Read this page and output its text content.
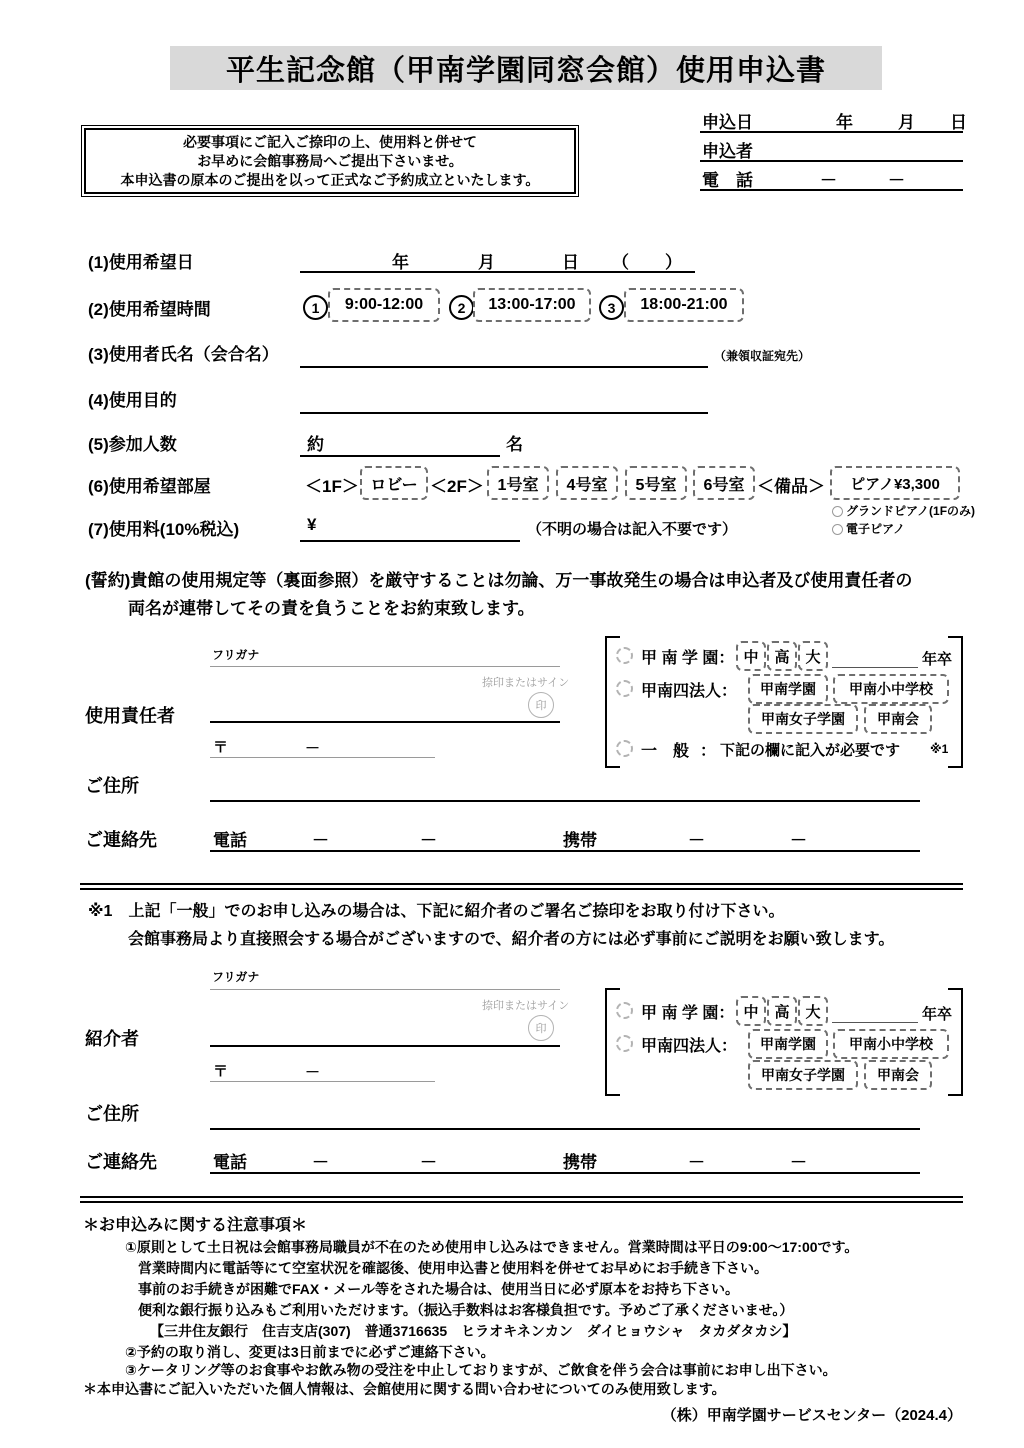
平生記念館（甲南学園同窓会館）使用申込書
申込日	年	月 日
申込者
電　話	－	－
必要事項にご記入ご捺印の上、使用料と併せて
お早めに会館事務局へご提出下さいませ。
本申込書の原本のご提出を以って正式なご予約成立といたします。
(1)使用希望日	年	月	日 （ ）
(2)使用希望時間	1	9:00-12:00	2	13:00-17:00	3	18:00-21:00
(3)使用者氏名（会合名）	（兼領収証宛先）
(4)使用目的
(5)参加人数	約	名
(6)使用希望部屋	＜1F＞ ロビー ＜2F＞ 1号室	4号室	5号室	6号室 ＜備品＞	ピアノ¥3,300
グランドピアノ(1Fのみ)
電子ピアノ
(7)使用料(10%税込)	¥	（不明の場合は記入不要です）
(誓約)貴館の使用規定等（裏面参照）を厳守することは勿論、万一事故発生の場合は申込者及び使用責任者の
両名が連帯してその責を負うことをお約束致します。
フリガナ
捺印またはサイン
印
使用責任者
〒	－
甲 南 学 園： 中	高	大	年卒
甲南四法人：	甲南学園	甲南小中学校
甲南女子学園	甲南会
一　般 ： 下記の欄に記入が必要です ※1
ご住所
ご連絡先	電話	－	－	携帯	－	－
※1　上記「一般」でのお申し込みの場合は、下記に紹介者のご署名ご捺印をお取り付け下さい。
会館事務局より直接照会する場合がございますので、紹介者の方には必ず事前にご説明をお願い致します。
フリガナ
捺印またはサイン
印
紹介者
〒	－
甲 南 学 園： 中	高	大	年卒
甲南四法人：	甲南学園	甲南小中学校
甲南女子学園	甲南会
ご住所
ご連絡先	電話	－	－	携帯	－	－
＊お申込みに関する注意事項＊
①原則として土日祝は会館事務局職員が不在のため使用申し込みはできません。営業時間は平日の9:00～17:00です。
営業時間内に電話等にて空室状況を確認後、使用申込書と使用料を併せてお早めにお手続き下さい。
事前のお手続きが困難でFAX・メール等をされた場合は、使用当日に必ず原本をお持ち下さい。
便利な銀行振り込みもご利用いただけます。（振込手数料はお客様負担です。予めご了承くださいませ。）
【三井住友銀行　住吉支店(307)　普通3716635　ヒラオキネンカン　ダイヒョウシャ　タカダタカシ】
②予約の取り消し、変更は3日前までに必ずご連絡下さい。
③ケータリング等のお食事やお飲み物の受注を中止しておりますが、ご飲食を伴う会合は事前にお申し出下さい。
＊本申込書にご記入いただいた個人情報は、会館使用に関する問い合わせについてのみ使用致します。
（株）甲南学園サービスセンター（2024.4）
